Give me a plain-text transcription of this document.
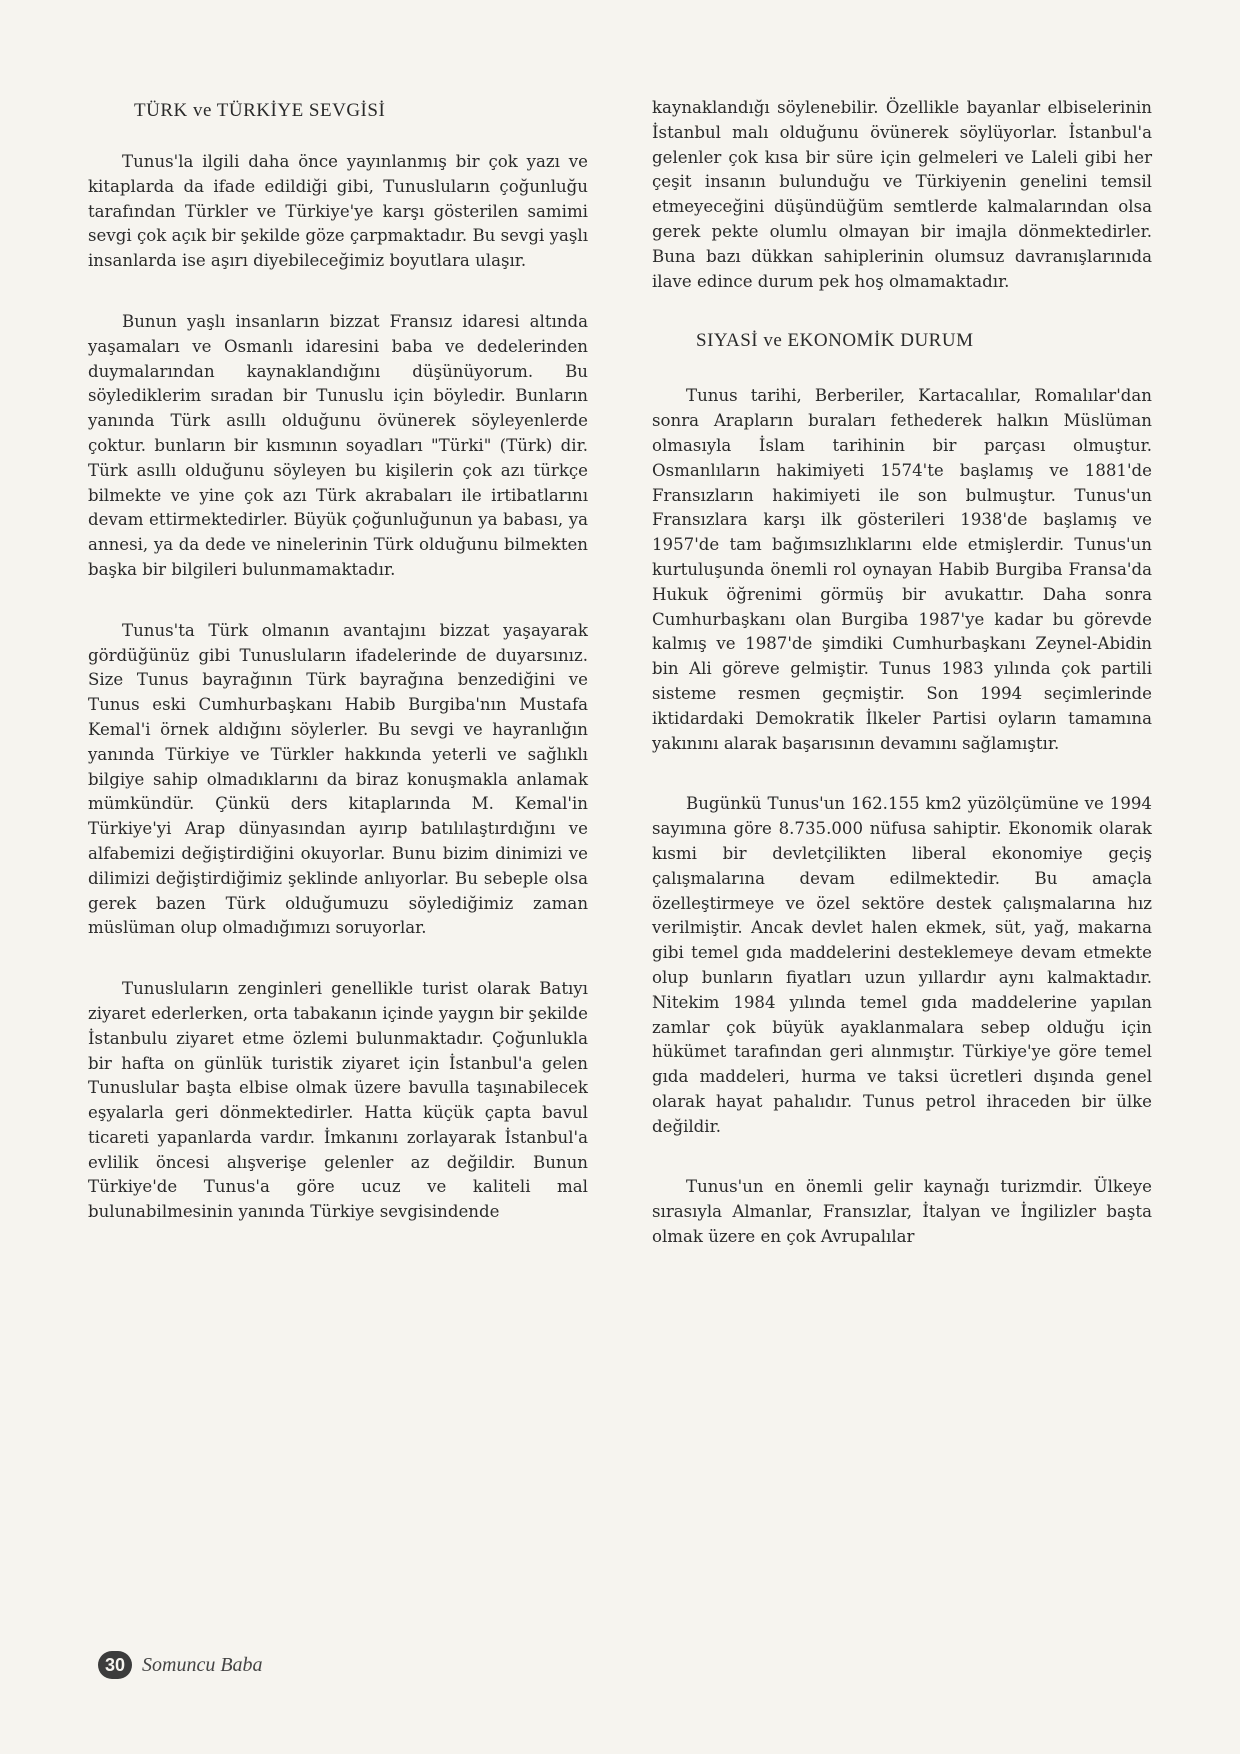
TÜRK ve TÜRKİYE SEVGİSİ

Tunus'la ilgili daha önce yayınlanmış bir çok yazı ve kitaplarda da ifade edildiği gibi, Tunusluların çoğunluğu tarafından Türkler ve Türkiye'ye karşı gösterilen samimi sevgi çok açık bir şekilde göze çarpmaktadır. Bu sevgi yaşlı insanlarda ise aşırı diyebileceğimiz boyutlara ulaşır.

Bunun yaşlı insanların bizzat Fransız idaresi altında yaşamaları ve Osmanlı idaresini baba ve dedelerinden duymalarından kaynaklandığını düşünüyorum. Bu söylediklerim sıradan bir Tunuslu için böyledir. Bunların yanında Türk asıllı olduğunu övünerek söyleyenlerde çoktur. bunların bir kısmının soyadları "Türki" (Türk) dir. Türk asıllı olduğunu söyleyen bu kişilerin çok azı türkçe bilmekte ve yine çok azı Türk akrabaları ile irtibatlarını devam ettirmektedirler. Büyük çoğunluğunun ya babası, ya annesi, ya da dede ve ninelerinin Türk olduğunu bilmekten başka bir bilgileri bulunmamaktadır.

Tunus'ta Türk olmanın avantajını bizzat yaşayarak gördüğünüz gibi Tunusluların ifadelerinde de duyarsınız. Size Tunus bayrağının Türk bayrağına benzediğini ve Tunus eski Cumhurbaşkanı Habib Burgiba'nın Mustafa Kemal'i örnek aldığını söylerler. Bu sevgi ve hayranlığın yanında Türkiye ve Türkler hakkında yeterli ve sağlıklı bilgiye sahip olmadıklarını da biraz konuşmakla anlamak mümkündür. Çünkü ders kitaplarında M. Kemal'in Türkiye'yi Arap dünyasından ayırıp batılılaştırdığını ve alfabemizi değiştirdiğini okuyorlar. Bunu bizim dinimizi ve dilimizi değiştirdiğimiz şeklinde anlıyorlar. Bu sebeple olsa gerek bazen Türk olduğumuzu söylediğimiz zaman müslüman olup olmadığımızı soruyorlar.

Tunusluların zenginleri genellikle turist olarak Batıyı ziyaret ederlerken, orta tabakanın içinde yaygın bir şekilde İstanbulu ziyaret etme özlemi bulunmaktadır. Çoğunlukla bir hafta on günlük turistik ziyaret için İstanbul'a gelen Tunuslular başta elbise olmak üzere bavulla taşınabilecek eşyalarla geri dönmektedirler. Hatta küçük çapta bavul ticareti yapanlarda vardır. İmkanını zorlayarak İstanbul'a evlilik öncesi alışverişe gelenler az değildir. Bunun Türkiye'de Tunus'a göre ucuz ve kaliteli mal bulunabilmesinin yanında Türkiye sevgisindende

kaynaklandığı söylenebilir. Özellikle bayanlar elbiselerinin İstanbul malı olduğunu övünerek söylüyorlar. İstanbul'a gelenler çok kısa bir süre için gelmeleri ve Laleli gibi her çeşit insanın bulunduğu ve Türkiyenin genelini temsil etmeyeceğini düşündüğüm semtlerde kalmalarından olsa gerek pekte olumlu olmayan bir imajla dönmektedirler. Buna bazı dükkan sahiplerinin olumsuz davranışlarınıda ilave edince durum pek hoş olmamaktadır.

SIYASİ ve EKONOMİK DURUM

Tunus tarihi, Berberiler, Kartacalılar, Romalılar'dan sonra Arapların buraları fethederek halkın Müslüman olmasıyla İslam tarihinin bir parçası olmuştur. Osmanlıların hakimiyeti 1574'te başlamış ve 1881'de Fransızların hakimiyeti ile son bulmuştur. Tunus'un Fransızlara karşı ilk gösterileri 1938'de başlamış ve 1957'de tam bağımsızlıklarını elde etmişlerdir. Tunus'un kurtuluşunda önemli rol oynayan Habib Burgiba Fransa'da Hukuk öğrenimi görmüş bir avukattır. Daha sonra Cumhurbaşkanı olan Burgiba 1987'ye kadar bu görevde kalmış ve 1987'de şimdiki Cumhurbaşkanı Zeynel-Abidin bin Ali göreve gelmiştir. Tunus 1983 yılında çok partili sisteme resmen geçmiştir. Son 1994 seçimlerinde iktidardaki Demokratik İlkeler Partisi oyların tamamına yakınını alarak başarısının devamını sağlamıştır.

Bugünkü Tunus'un 162.155 km2 yüzölçümüne ve 1994 sayımına göre 8.735.000 nüfusa sahiptir. Ekonomik olarak kısmi bir devletçilikten liberal ekonomiye geçiş çalışmalarına devam edilmektedir. Bu amaçla özelleştirmeye ve özel sektöre destek çalışmalarına hız verilmiştir. Ancak devlet halen ekmek, süt, yağ, makarna gibi temel gıda maddelerini desteklemeye devam etmekte olup bunların fiyatları uzun yıllardır aynı kalmaktadır. Nitekim 1984 yılında temel gıda maddelerine yapılan zamlar çok büyük ayaklanmalara sebep olduğu için hükümet tarafından geri alınmıştır. Türkiye'ye göre temel gıda maddeleri, hurma ve taksi ücretleri dışında genel olarak hayat pahalıdır. Tunus petrol ihraceden bir ülke değildir.

Tunus'un en önemli gelir kaynağı turizmdir. Ülkeye sırasıyla Almanlar, Fransızlar, İtalyan ve İngilizler başta olmak üzere en çok Avrupalılar

30 Somuncu Baba
